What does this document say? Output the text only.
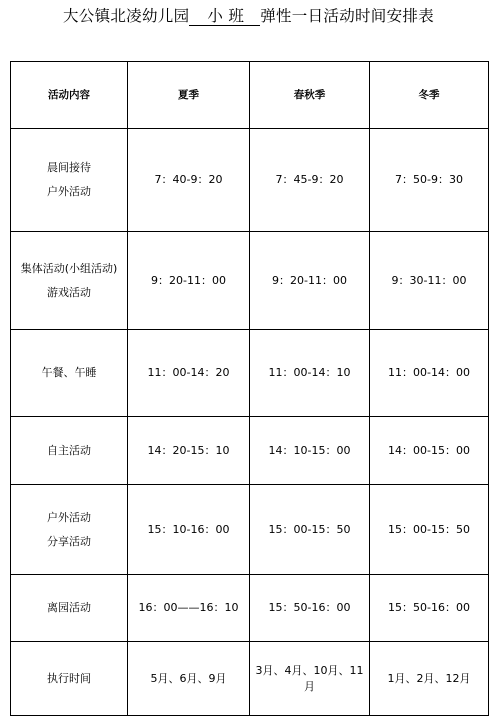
大公镇北凌幼儿园 小 班 弹性一日活动时间安排表
活动内容	夏季	春秋季	冬季

晨间接待
户外活动	7：40-9：20	7：45-9：20	7：50-9：30

集体活动(小组活动)
游戏活动	9：20-11：00	9：20-11：00	9：30-11：00

午餐、午睡	11：00-14：20	11：00-14：10	11：00-14：00

自主活动	14：20-15：10	14：10-15：00	14：00-15：00

户外活动
分享活动	15：10-16：00	15：00-15：50	15：00-15：50

离园活动	16：00——16：10	15：50-16：00	15：50-16：00

执行时间	5月、6月、9月	3月、4月、10月、11月	1月、2月、12月
